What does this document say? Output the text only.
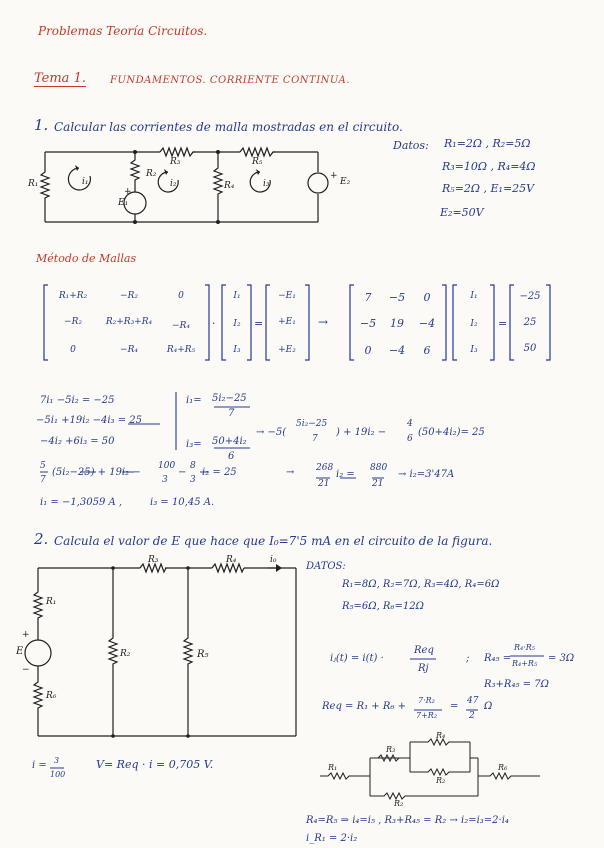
Problemas Teoría Circuitos.
Tema 1. FUNDAMENTOS. CORRIENTE CONTINUA.
1. Calcular las corrientes de malla mostradas en el circuito.
Datos: R₁=2Ω , R₂=5Ω
R₃=10Ω , R₄=4Ω
R₅=2Ω , E₁=25V
E₂=50V
R₁
R₂
R₃
R₄
R₅
E₁
E₂
+
+
i₁	i₂	i₃
Método de Mallas
R₁+R₂	−R₂	0
−R₂	R₂+R₃+R₄	−R₄
0	−R₄	R₄+R₅
·
I₁
I₂
I₃
=
−E₁
+E₁
+E₂
→
7	−5	0
−5	19	−4
0	−4	6
I₁
I₂
I₃
=
−25
25
50
7i₁ −5i₂ = −25
−5i₁ +19i₂ −4i₃ = 25
−4i₂ +6i₃ = 50
i₁= 5i₂−25
7
i₃= 50+4i₂
6
→ −5(
5i₂−25
7
) + 19i₂ −
4
6
(50+4i₂)= 25
5
7
(5i₂−25) + 19i₂ −
100
3
−
8
3
i₂ = 25	→ 268
21
i₂ =
880
21
→ i₂=3'47A
i₁ = −1,3059 A ,	i₃ = 10,45 A.
2. Calcula el valor de E que hace que I₀=7'5 mA en el circuito de la figura.
DATOS:
R₁=8Ω, R₂=7Ω, R₃=4Ω, R₄=6Ω
R₅=6Ω, R₆=12Ω
R₃	R₄	i₀
R₁
R₆
E
+
−
R₂	R₅	iⱼ(t) = i(t) ·
Req
Rj
; R₄₅ =
R₄·R₅
R₄+R₅ = 3Ω
R₃+R₄₅ = 7Ω
Req = R₁ + R₆ +
7·R₂
7+R₂
= 47
2
Ω
i = 3
100
V= Req · i = 0,705 V.	R₁
R₃
R₄
R₂
R₂
R₆
R₄=R₅ ⇒ i₄=i₅ , R₃+R₄₅ = R₂ → i₂=i₃=2·i₄
i_R₁ = 2·i₂
